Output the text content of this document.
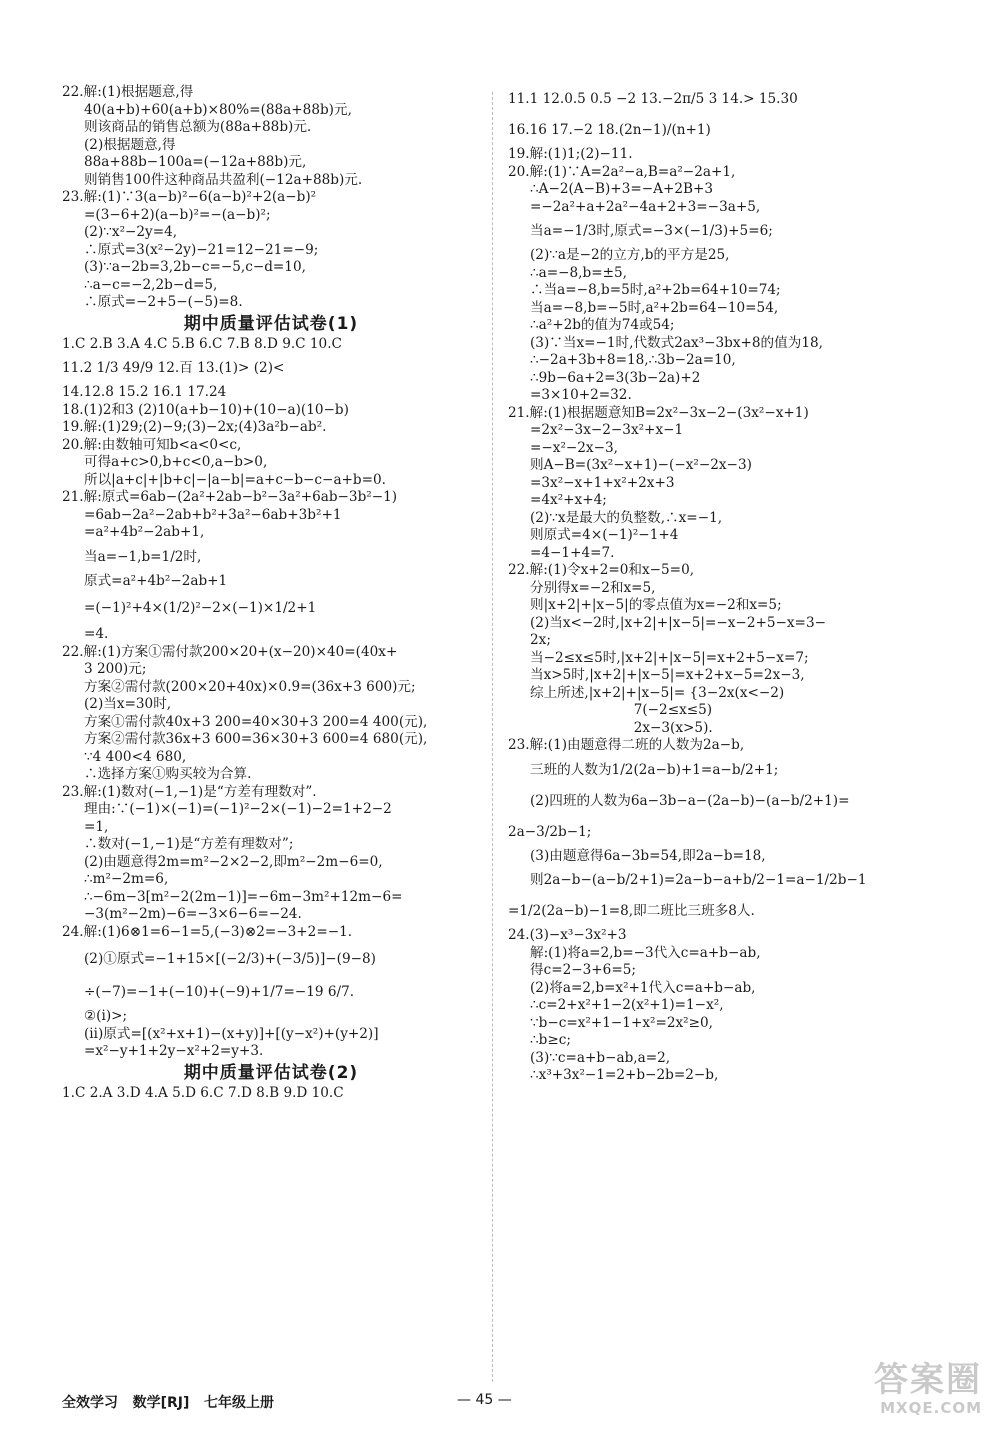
22.解:(1)根据题意,得
40(a+b)+60(a+b)×80%=(88a+88b)元,
则该商品的销售总额为(88a+88b)元.
(2)根据题意,得
88a+88b−100a=(−12a+88b)元,
则销售100件这种商品共盈利(−12a+88b)元.
23.解:(1)∵3(a−b)²−6(a−b)²+2(a−b)²
=(3−6+2)(a−b)²=−(a−b)²;
(2)∵x²−2y=4,
∴原式=3(x²−2y)−21=12−21=−9;
(3)∵a−2b=3,2b−c=−5,c−d=10,
∴a−c=−2,2b−d=5,
∴原式=−2+5−(−5)=8.
期中质量评估试卷(1)
1.C 2.B 3.A 4.C 5.B 6.C 7.B 8.D 9.C 10.C
11.2 1/3 49/9 12.百 13.(1)> (2)<
14.12.8 15.2 16.1 17.24
18.(1)2和3 (2)10(a+b−10)+(10−a)(10−b)
19.解:(1)29;(2)−9;(3)−2x;(4)3a²b−ab².
20.解:由数轴可知b<a<0<c,
可得a+c>0,b+c<0,a−b>0,
所以|a+c|+|b+c|−|a−b|=a+c−b−c−a+b=0.
21.解:原式=6ab−(2a²+2ab−b²−3a²+6ab−3b²−1)
=6ab−2a²−2ab+b²+3a²−6ab+3b²+1
=a²+4b²−2ab+1,
当a=−1,b=1/2时,
原式=a²+4b²−2ab+1
=(−1)²+4×(1/2)²−2×(−1)×1/2+1
=4.
22.解:(1)方案①需付款200×20+(x−20)×40=(40x+
3 200)元;
方案②需付款(200×20+40x)×0.9=(36x+3 600)元;
(2)当x=30时,
方案①需付款40x+3 200=40×30+3 200=4 400(元),
方案②需付款36x+3 600=36×30+3 600=4 680(元),
∵4 400<4 680,
∴选择方案①购买较为合算.
23.解:(1)数对(−1,−1)是“方差有理数对”.
理由:∵(−1)×(−1)=(−1)²−2×(−1)−2=1+2−2
=1,
∴数对(−1,−1)是“方差有理数对”;
(2)由题意得2m=m²−2×2−2,即m²−2m−6=0,
∴m²−2m=6,
∴−6m−3[m²−2(2m−1)]=−6m−3m²+12m−6=
−3(m²−2m)−6=−3×6−6=−24.
24.解:(1)6⊗1=6−1=5,(−3)⊗2=−3+2=−1.
(2)①原式=−1+15×[(−2/3)+(−3/5)]−(9−8)
÷(−7)=−1+(−10)+(−9)+1/7=−19 6/7.
②(ⅰ)>;
(ⅱ)原式=[(x²+x+1)−(x+y)]+[(y−x²)+(y+2)]
=x²−y+1+2y−x²+2=y+3.
期中质量评估试卷(2)
1.C 2.A 3.D 4.A 5.D 6.C 7.D 8.B 9.D 10.C
11.1 12.0.5 0.5 −2 13.−2π/5 3 14.> 15.30
16.16 17.−2 18.(2n−1)/(n+1)
19.解:(1)1;(2)−11.
20.解:(1)∵A=2a²−a,B=a²−2a+1,
∴A−2(A−B)+3=−A+2B+3
=−2a²+a+2a²−4a+2+3=−3a+5,
当a=−1/3时,原式=−3×(−1/3)+5=6;
(2)∵a是−2的立方,b的平方是25,
∴a=−8,b=±5,
∴当a=−8,b=5时,a²+2b=64+10=74;
当a=−8,b=−5时,a²+2b=64−10=54,
∴a²+2b的值为74或54;
(3)∵当x=−1时,代数式2ax³−3bx+8的值为18,
∴−2a+3b+8=18,∴3b−2a=10,
∴9b−6a+2=3(3b−2a)+2
=3×10+2=32.
21.解:(1)根据题意知B=2x²−3x−2−(3x²−x+1)
=2x²−3x−2−3x²+x−1
=−x²−2x−3,
则A−B=(3x²−x+1)−(−x²−2x−3)
=3x²−x+1+x²+2x+3
=4x²+x+4;
(2)∵x是最大的负整数,∴x=−1,
则原式=4×(−1)²−1+4
=4−1+4=7.
22.解:(1)令x+2=0和x−5=0,
分别得x=−2和x=5,
则|x+2|+|x−5|的零点值为x=−2和x=5;
(2)当x<−2时,|x+2|+|x−5|=−x−2+5−x=3−
2x;
当−2≤x≤5时,|x+2|+|x−5|=x+2+5−x=7;
当x>5时,|x+2|+|x−5|=x+2+x−5=2x−3,
综上所述,|x+2|+|x−5|= {3−2x(x<−2)
7(−2≤x≤5)
2x−3(x>5).
23.解:(1)由题意得二班的人数为2a−b,
三班的人数为1/2(2a−b)+1=a−b/2+1;
(2)四班的人数为6a−3b−a−(2a−b)−(a−b/2+1)=
2a−3/2b−1;
(3)由题意得6a−3b=54,即2a−b=18,
则2a−b−(a−b/2+1)=2a−b−a+b/2−1=a−1/2b−1
=1/2(2a−b)−1=8,即二班比三班多8人.
24.(3)−x³−3x²+3
解:(1)将a=2,b=−3代入c=a+b−ab,
得c=2−3+6=5;
(2)将a=2,b=x²+1代入c=a+b−ab,
∴c=2+x²+1−2(x²+1)=1−x²,
∵b−c=x²+1−1+x²=2x²≥0,
∴b≥c;
(3)∵c=a+b−ab,a=2,
∴x³+3x²−1=2+b−2b=2−b,
全效学习   数学[RJ]   七年级上册	— 45 —	答案圈
MXQE.COM
